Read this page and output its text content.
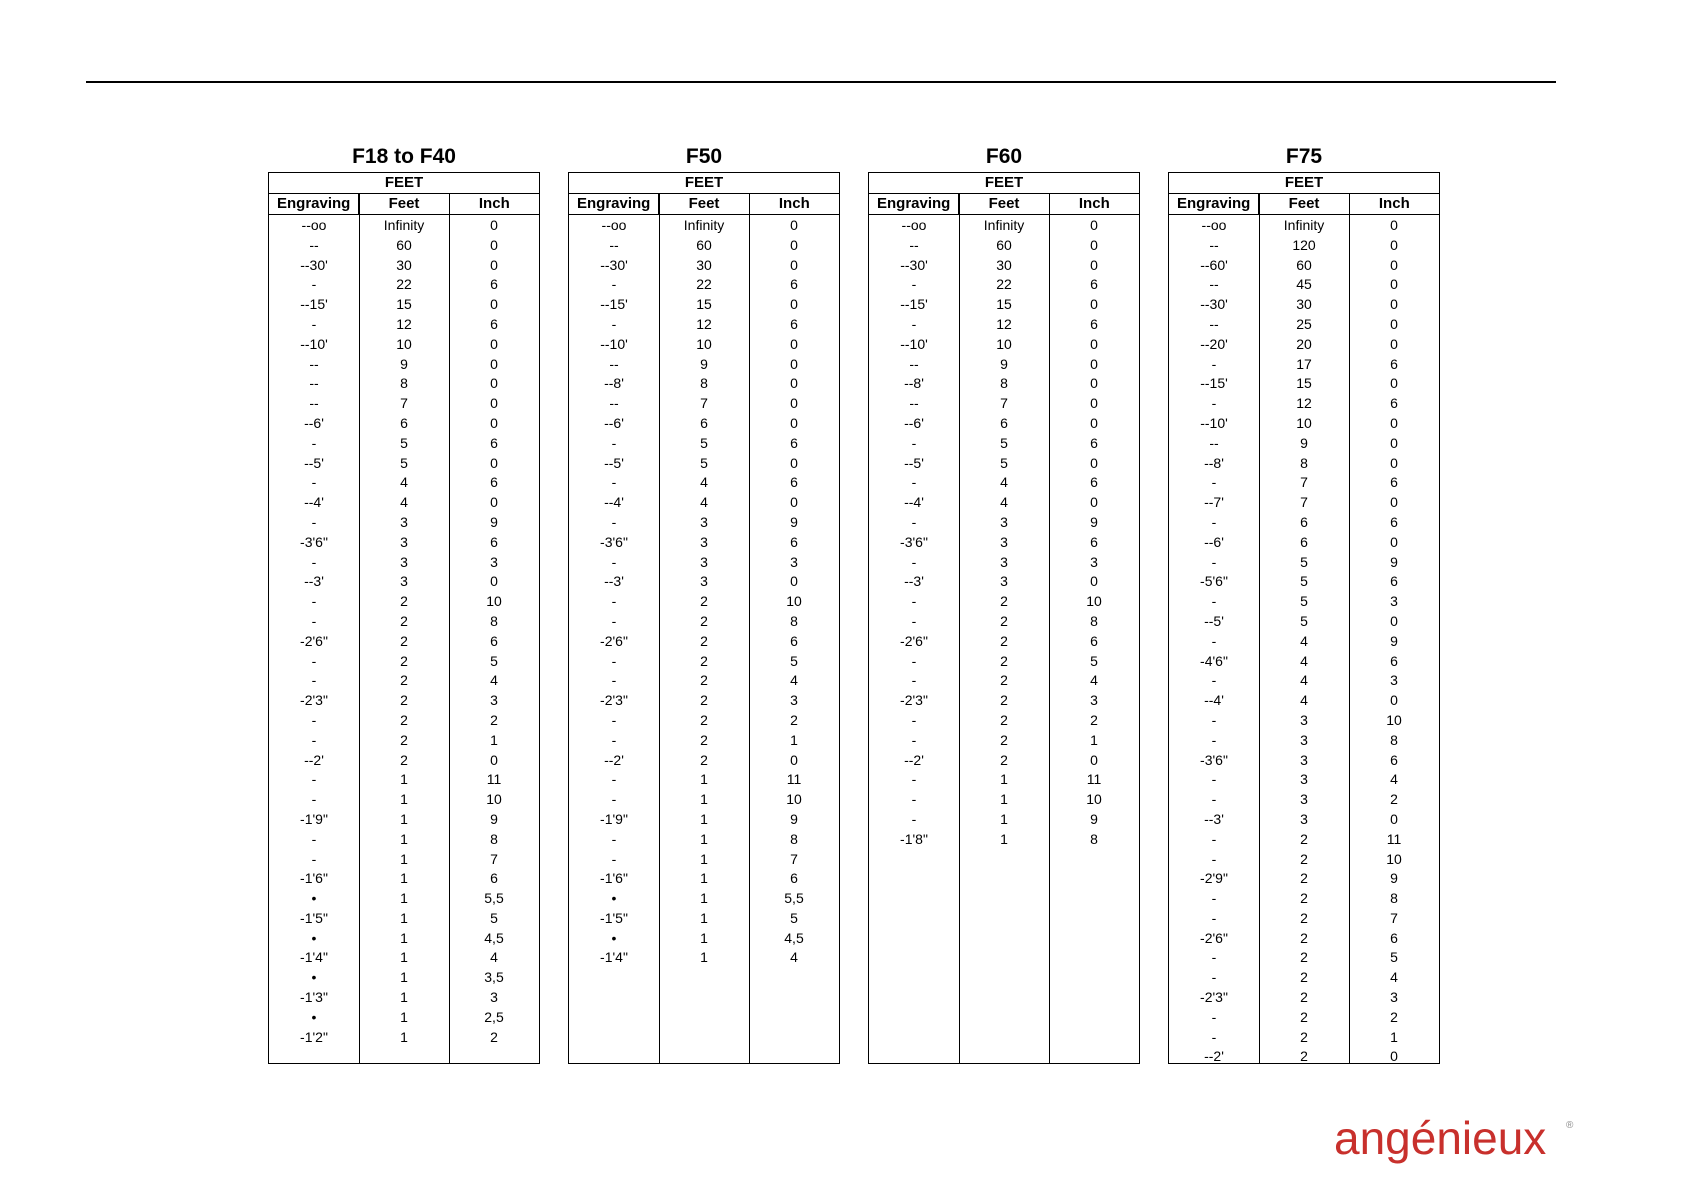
F18 to F40
FEET
Engraving	Feet	Inch
--oo	Infinity	0
--	60	0
--30'	30	0
-	22	6
--15'	15	0
-	12	6
--10'	10	0
--	9	0
--	8	0
--	7	0
--6'	6	0
-	5	6
--5'	5	0
-	4	6
--4'	4	0
-	3	9
-3'6"	3	6
-	3	3
--3'	3	0
-	2	10
-	2	8
-2'6"	2	6
-	2	5
-	2	4
-2'3"	2	3
-	2	2
-	2	1
--2'	2	0
-	1	11
-	1	10
-1'9"	1	9
-	1	8
-	1	7
-1'6"	1	6
•	1	5,5
-1'5"	1	5
•	1	4,5
-1'4"	1	4
•	1	3,5
-1'3"	1	3
•	1	2,5
-1'2"	1	2
F50
FEET
Engraving	Feet	Inch
--oo	Infinity	0
--	60	0
--30'	30	0
-	22	6
--15'	15	0
-	12	6
--10'	10	0
--	9	0
--8'	8	0
--	7	0
--6'	6	0
-	5	6
--5'	5	0
-	4	6
--4'	4	0
-	3	9
-3'6"	3	6
-	3	3
--3'	3	0
-	2	10
-	2	8
-2'6"	2	6
-	2	5
-	2	4
-2'3"	2	3
-	2	2
-	2	1
--2'	2	0
-	1	11
-	1	10
-1'9"	1	9
-	1	8
-	1	7
-1'6"	1	6
•	1	5,5
-1'5"	1	5
•	1	4,5
-1'4"	1	4
F60
FEET
Engraving	Feet	Inch
--oo	Infinity	0
--	60	0
--30'	30	0
-	22	6
--15'	15	0
-	12	6
--10'	10	0
--	9	0
--8'	8	0
--	7	0
--6'	6	0
-	5	6
--5'	5	0
-	4	6
--4'	4	0
-	3	9
-3'6"	3	6
-	3	3
--3'	3	0
-	2	10
-	2	8
-2'6"	2	6
-	2	5
-	2	4
-2'3"	2	3
-	2	2
-	2	1
--2'	2	0
-	1	11
-	1	10
-	1	9
-1'8"	1	8
F75
FEET
Engraving	Feet	Inch
--oo	Infinity	0
--	120	0
--60'	60	0
--	45	0
--30'	30	0
--	25	0
--20'	20	0
-	17	6
--15'	15	0
-	12	6
--10'	10	0
--	9	0
--8'	8	0
-	7	6
--7'	7	0
-	6	6
--6'	6	0
-	5	9
-5'6"	5	6
-	5	3
--5'	5	0
-	4	9
-4'6"	4	6
-	4	3
--4'	4	0
-	3	10
-	3	8
-3'6"	3	6
-	3	4
-	3	2
--3'	3	0
-	2	11
-	2	10
-2'9"	2	9
-	2	8
-	2	7
-2'6"	2	6
-	2	5
-	2	4
-2'3"	2	3
-	2	2
-	2	1
--2'	2	0
angénieux ®
